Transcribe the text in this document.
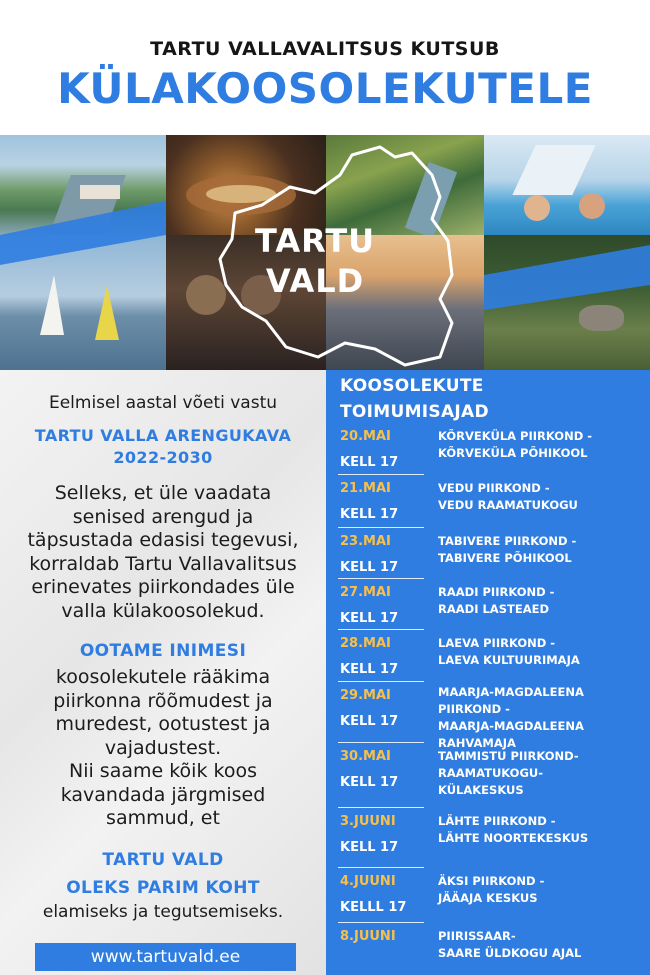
TARTU VALLAVALITSUS KUTSUB
KÜLAKOOSOLEKUTELE
TARTU
VALD

Eelmisel aastal võeti vastu

TARTU VALLA ARENGUKAVA
2022-2030

Selleks, et üle vaadata
senised arengud ja
täpsustada edasisi tegevusi,
korraldab Tartu Vallavalitsus
erinevates piirkondades üle
valla külakoosolekud.

OOTAME INIMESI

koosolekutele rääkima
piirkonna rõõmudest ja
muredest, ootustest ja
vajadustest.
Nii saame kõik koos
kavandada järgmised
sammud, et

TARTU VALD
OLEKS PARIM KOHT

elamiseks ja tegutsemiseks.

www.tartuvald.ee
KOOSOLEKUTE
TOIMUMISAJAD
20.MAI
KELL 17
KÕRVEKÜLA PIIRKOND -
KÕRVEKÜLA PÕHIKOOL
21.MAI
KELL 17
VEDU PIIRKOND -
VEDU RAAMATUKOGU
23.MAI
KELL 17
TABIVERE PIIRKOND -
TABIVERE PÕHIKOOL
27.MAI
KELL 17
RAADI PIIRKOND -
RAADI LASTEAED
28.MAI
KELL 17
LAEVA PIIRKOND -
LAEVA KULTUURIMAJA
29.MAI
KELL 17
MAARJA-MAGDALEENA
PIIRKOND -
MAARJA-MAGDALEENA
RAHVAMAJA
30.MAI
KELL 17
TAMMISTU PIIRKOND-
RAAMATUKOGU-
KÜLAKESKUS
3.JUUNI
KELL 17
LÄHTE PIIRKOND -
LÄHTE NOORTEKESKUS
4.JUUNI
KELLL 17
ÄKSI PIIRKOND -
JÄÄAJA KESKUS
8.JUUNI	PIIRISSAAR-
SAARE ÜLDKOGU AJAL
